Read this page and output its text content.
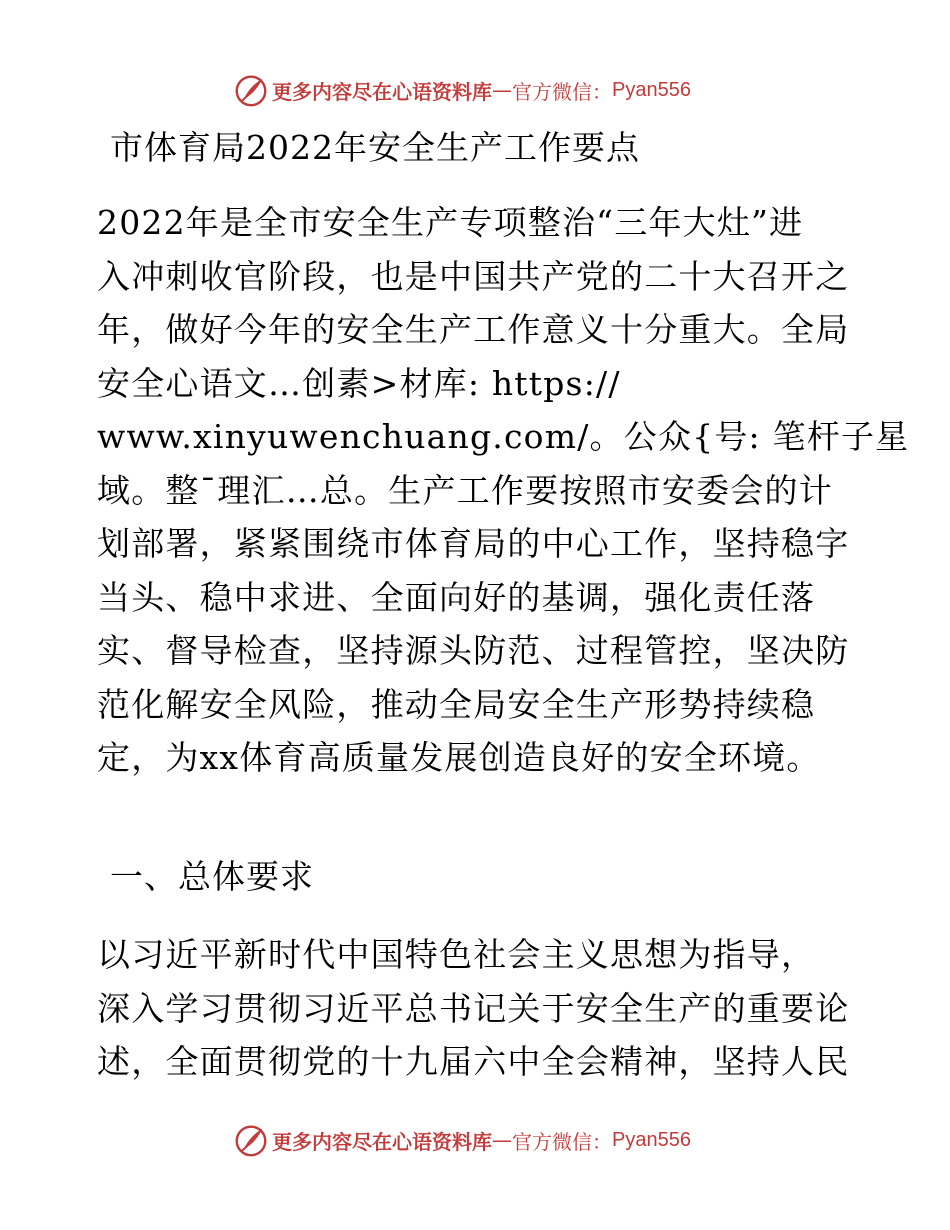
更多内容尽在心语资料库 — 官方微信： Pyan556
市体育局2022年安全生产工作要点
2022年是全市安全生产专项整治“三年大灶”进
入冲刺收官阶段，也是中国共产党的二十大召开之
年，做好今年的安全生产工作意义十分重大。全局
安全心语文…创素>材库: https://
www.xinyuwenchuang.com/。公众{号: 笔杆子星
域。整¯理汇…总。生产工作要按照市安委会的计
划部署，紧紧围绕市体育局的中心工作，坚持稳字
当头、稳中求进、全面向好的基调，强化责任落
实、督导检查，坚持源头防范、过程管控，坚决防
范化解安全风险，推动全局安全生产形势持续稳
定，为xx体育高质量发展创造良好的安全环境。
一、总体要求
以习近平新时代中国特色社会主义思想为指导，
深入学习贯彻习近平总书记关于安全生产的重要论
述，全面贯彻党的十九届六中全会精神，坚持人民
更多内容尽在心语资料库 — 官方微信： Pyan556
